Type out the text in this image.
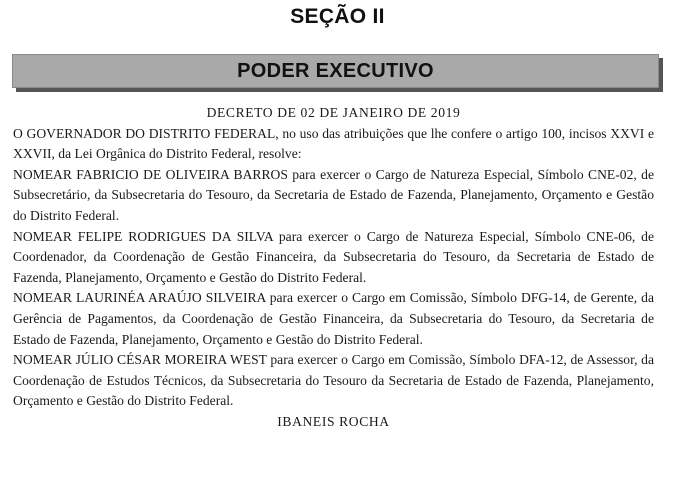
SEÇÃO II
PODER EXECUTIVO
DECRETO DE 02 DE JANEIRO DE 2019

O GOVERNADOR DO DISTRITO FEDERAL, no uso das atribuições que lhe confere o artigo 100, incisos XXVI e XXVII, da Lei Orgânica do Distrito Federal, resolve:

NOMEAR FABRICIO DE OLIVEIRA BARROS para exercer o Cargo de Natureza Especial, Símbolo CNE-02, de Subsecretário, da Subsecretaria do Tesouro, da Secretaria de Estado de Fazenda, Planejamento, Orçamento e Gestão do Distrito Federal.

NOMEAR FELIPE RODRIGUES DA SILVA para exercer o Cargo de Natureza Especial, Símbolo CNE-06, de Coordenador, da Coordenação de Gestão Financeira, da Subsecretaria do Tesouro, da Secretaria de Estado de Fazenda, Planejamento, Orçamento e Gestão do Distrito Federal.

NOMEAR LAURINÉA ARAÚJO SILVEIRA para exercer o Cargo em Comissão, Símbolo DFG-14, de Gerente, da Gerência de Pagamentos, da Coordenação de Gestão Financeira, da Subsecretaria do Tesouro, da Secretaria de Estado de Fazenda, Planejamento, Orçamento e Gestão do Distrito Federal.

NOMEAR JÚLIO CÉSAR MOREIRA WEST para exercer o Cargo em Comissão, Símbolo DFA-12, de Assessor, da Coordenação de Estudos Técnicos, da Subsecretaria do Tesouro da Secretaria de Estado de Fazenda, Planejamento, Orçamento e Gestão do Distrito Federal.

IBANEIS ROCHA
